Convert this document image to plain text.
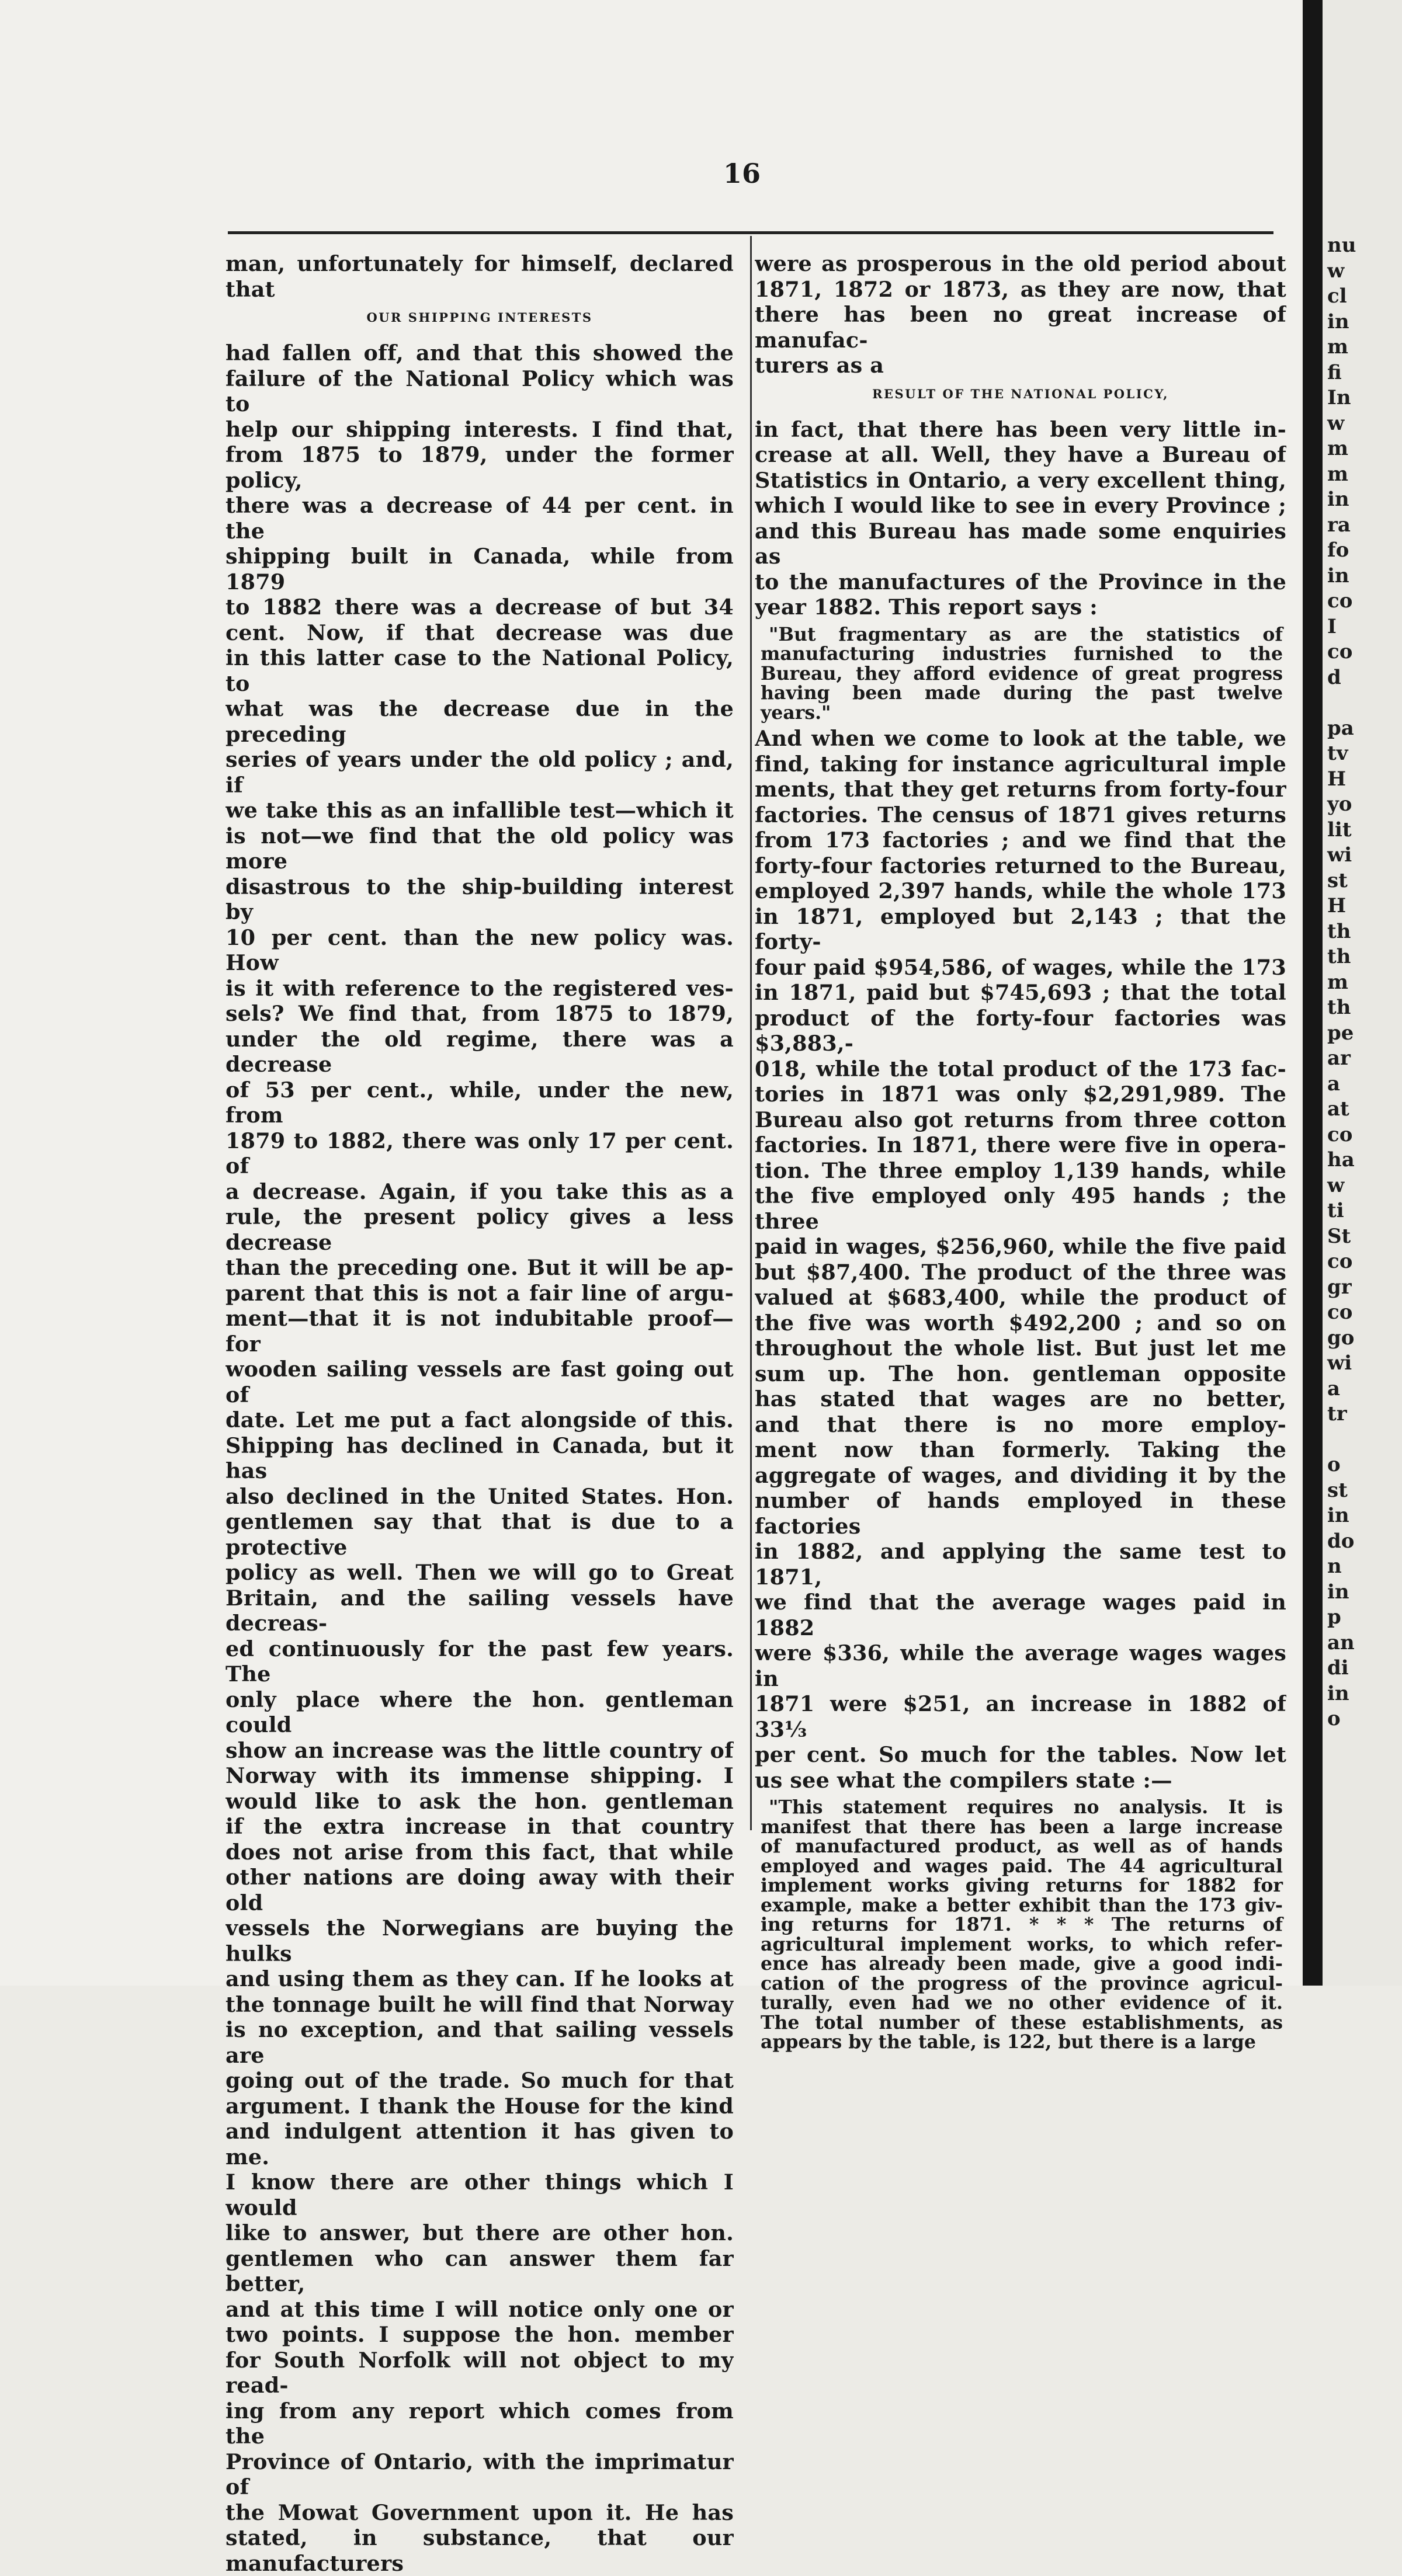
16

man, unfortunately for himself, declared

that

OUR SHIPPING INTERESTS

had fallen off, and that this showed the

failure of the National Policy which was to

help our shipping interests. I find that,

from 1875 to 1879, under the former policy,

there was a decrease of 44 per cent. in the

shipping built in Canada, while from 1879

to 1882 there was a decrease of but 34

cent. Now, if that decrease was due

in this latter case to the National Policy, to

what was the decrease due in the preceding

series of years under the old policy ; and, if

we take this as an infallible test—which it

is not—we find that the old policy was more

disastrous to the ship-building interest by

10 per cent. than the new policy was. How

is it with reference to the registered ves-

sels? We find that, from 1875 to 1879,

under the old regime, there was a decrease

of 53 per cent., while, under the new, from

1879 to 1882, there was only 17 per cent. of

a decrease. Again, if you take this as a

rule, the present policy gives a less decrease

than the preceding one. But it will be ap-

parent that this is not a fair line of argu-

ment—that it is not indubitable proof—for

wooden sailing vessels are fast going out of

date. Let me put a fact alongside of this.

Shipping has declined in Canada, but it has

also declined in the United States. Hon.

gentlemen say that that is due to a protective

policy as well. Then we will go to Great

Britain, and the sailing vessels have decreas-

ed continuously for the past few years. The

only place where the hon. gentleman could

show an increase was the little country of

Norway with its immense shipping. I

would like to ask the hon. gentleman

if the extra increase in that country

does not arise from this fact, that while

other nations are doing away with their old

vessels the Norwegians are buying the hulks

and using them as they can. If he looks at

the tonnage built he will find that Norway

is no exception, and that sailing vessels are

going out of the trade. So much for that

argument. I thank the House for the kind

and indulgent attention it has given to me.

I know there are other things which I would

like to answer, but there are other hon.

gentlemen who can answer them far better,

and at this time I will notice only one or

two points. I suppose the hon. member

for South Norfolk will not object to my read-

ing from any report which comes from the

Province of Ontario, with the imprimatur of

the Mowat Government upon it. He has

stated, in substance, that our manufacturers

were as prosperous in the old period about

1871, 1872 or 1873, as they are now, that

there has been no great increase of manufac-

turers as a

RESULT OF THE NATIONAL POLICY,

in fact, that there has been very little in-

crease at all. Well, they have a Bureau of

Statistics in Ontario, a very excellent thing,

which I would like to see in every Province ;

and this Bureau has made some enquiries as

to the manufactures of the Province in the

year 1882. This report says :

"But fragmentary as are the statistics of

manufacturing industries furnished to the

Bureau, they afford evidence of great progress

having been made during the past twelve

years."

And when we come to look at the table, we

find, taking for instance agricultural imple

ments, that they get returns from forty-four

factories. The census of 1871 gives returns

from 173 factories ; and we find that the

forty-four factories returned to the Bureau,

employed 2,397 hands, while the whole 173

in 1871, employed but 2,143 ; that the forty-

four paid $954,586, of wages, while the 173

in 1871, paid but $745,693 ; that the total

product of the forty-four factories was $3,883,-

018, while the total product of the 173 fac-

tories in 1871 was only $2,291,989. The

Bureau also got returns from three cotton

factories. In 1871, there were five in opera-

tion. The three employ 1,139 hands, while

the five employed only 495 hands ; the three

paid in wages, $256,960, while the five paid

but $87,400. The product of the three was

valued at $683,400, while the product of

the five was worth $492,200 ; and so on

throughout the whole list. But just let me

sum up. The hon. gentleman opposite

has stated that wages are no better,

and that there is no more employ-

ment now than formerly. Taking the

aggregate of wages, and dividing it by the

number of hands employed in these factories

in 1882, and applying the same test to 1871,

we find that the average wages paid in 1882

were $336, while the average wages wages in

1871 were $251, an increase in 1882 of 33⅓

per cent. So much for the tables. Now let

us see what the compilers state :—

"This statement requires no analysis. It is

manifest that there has been a large increase

of manufactured product, as well as of hands

employed and wages paid. The 44 agricultural

implement works giving returns for 1882 for

example, make a better exhibit than the 173 giv-

ing returns for 1871. * * * The returns of

agricultural implement works, to which refer-

ence has already been made, give a good indi-

cation of the progress of the province agricul-

turally, even had we no other evidence of it.

The total number of these establishments, as

appears by the table, is 122, but there is a large

nu
w
cl
in
m
fi
In
w
m
m
in
ra
fo
in
co
I
co
d
pa
tv
H
yo
lit
wi
st
H
th
th
m
th
pe
ar
a
at
co
ha
w
ti
St
co
gr
co
go
wi
a
tr
o
st
in
do
n
in
p
an
di
in
o
